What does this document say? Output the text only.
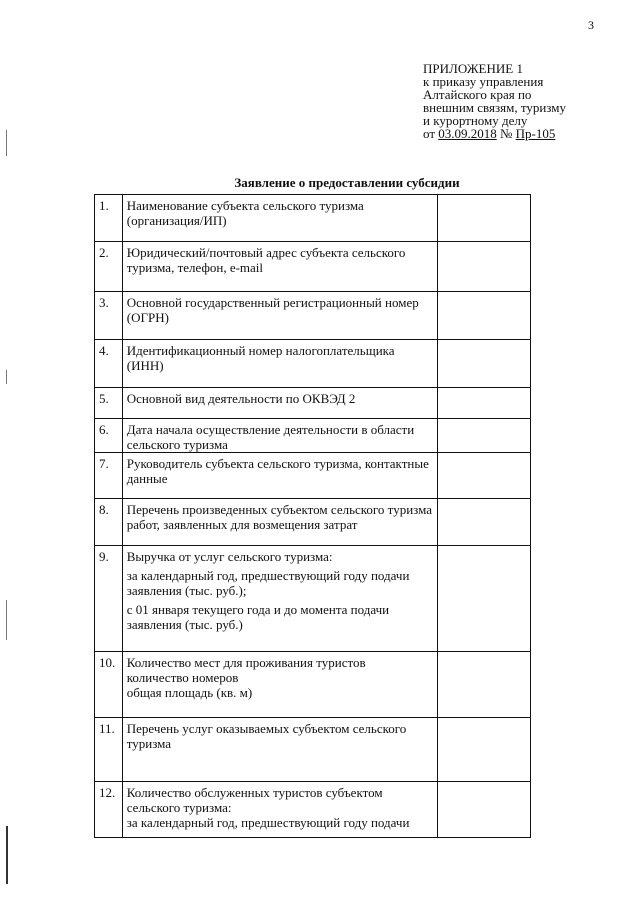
3
ПРИЛОЖЕНИЕ 1
к приказу управления
Алтайского края по
внешним связям, туризму
и курортному делу
от 03.09.2018 № Пр-105
Заявление о предоставлении субсидии
1.	Наименование субъекта сельского туризма (организация/ИП)	
2.	Юридический/почтовый адрес субъекта сельского туризма, телефон, e-mail	
3.	Основной государственный регистрационный номер (ОГРН)	
4.	Идентификационный номер налогоплательщика (ИНН)	
5.	Основной вид деятельности по ОКВЭД 2	
6.	Дата начала осуществление деятельности в области сельского туризма	
7.	Руководитель субъекта сельского туризма, контактные данные	
8.	Перечень произведенных субъектом сельского туризма работ, заявленных для возмещения затрат	
9.	Выручка от услуг сельского туризма:
за календарный год, предшествующий году подачи заявления (тыс. руб.);
с 01 января текущего года и до момента подачи заявления (тыс. руб.)	

10.	Количество мест для проживания туристов
количество номеров
общая площадь (кв. м)	

11.	Перечень услуг оказываемых субъектом сельского туризма	
12.	Количество обслуженных туристов субъектом сельского туризма:
за календарный год, предшествующий году подачи	
